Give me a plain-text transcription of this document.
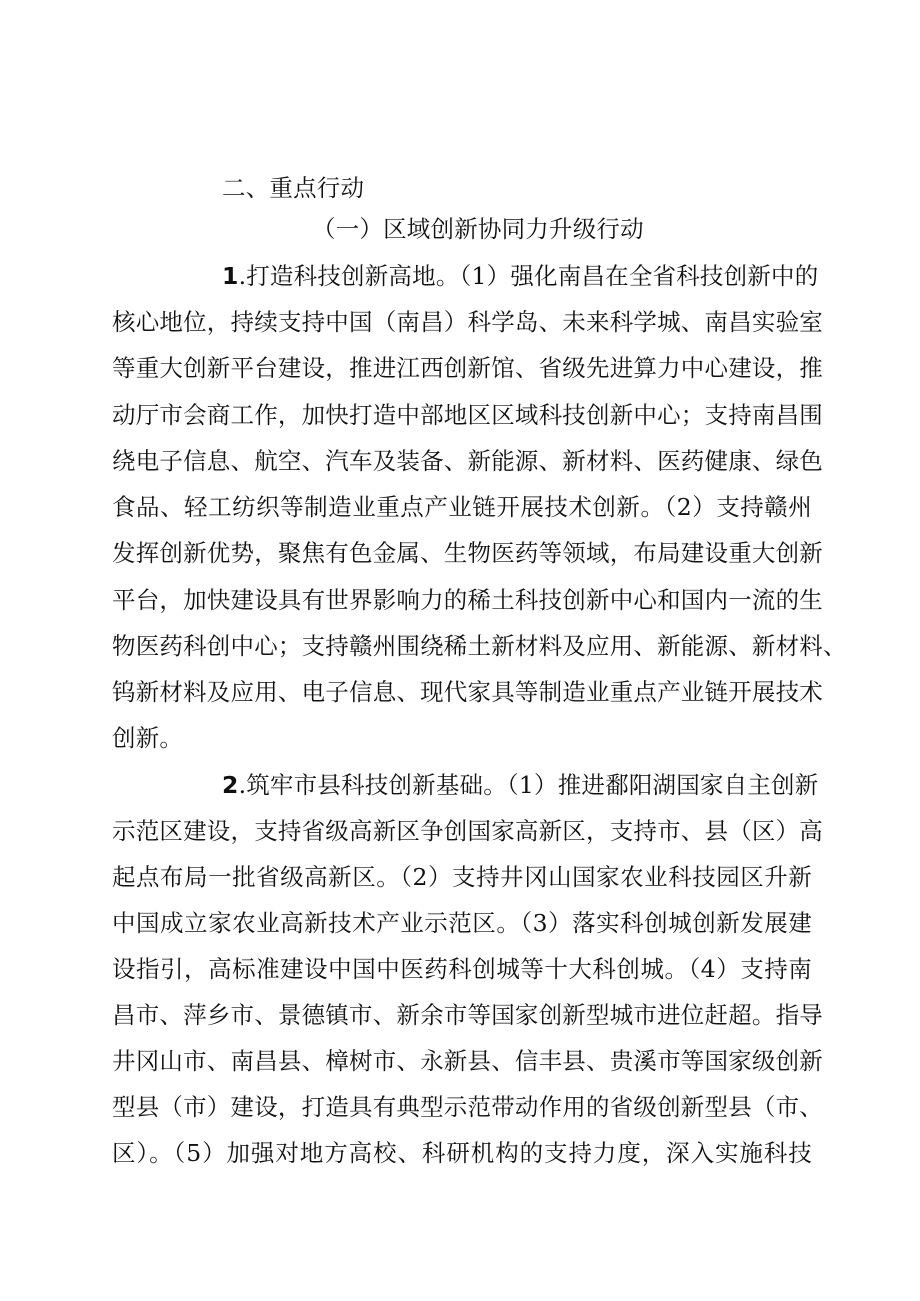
二、重点行动
（一）区域创新协同力升级行动
1.打造科技创新高地。（1）强化南昌在全省科技创新中的
核心地位，持续支持中国（南昌）科学岛、未来科学城、南昌实验室
等重大创新平台建设，推进江西创新馆、省级先进算力中心建设，推
动厅市会商工作，加快打造中部地区区域科技创新中心；支持南昌围
绕电子信息、航空、汽车及装备、新能源、新材料、医药健康、绿色
食品、轻工纺织等制造业重点产业链开展技术创新。（2）支持赣州
发挥创新优势，聚焦有色金属、生物医药等领域，布局建设重大创新
平台，加快建设具有世界影响力的稀土科技创新中心和国内一流的生
物医药科创中心；支持赣州围绕稀土新材料及应用、新能源、新材料、
钨新材料及应用、电子信息、现代家具等制造业重点产业链开展技术
创新。
2.筑牢市县科技创新基础。（1）推进鄱阳湖国家自主创新
示范区建设，支持省级高新区争创国家高新区，支持市、县（区）高
起点布局一批省级高新区。（2）支持井冈山国家农业科技园区升新
中国成立家农业高新技术产业示范区。（3）落实科创城创新发展建
设指引，高标准建设中国中医药科创城等十大科创城。（4）支持南
昌市、萍乡市、景德镇市、新余市等国家创新型城市进位赶超。指导
井冈山市、南昌县、樟树市、永新县、信丰县、贵溪市等国家级创新
型县（市）建设，打造具有典型示范带动作用的省级创新型县（市、
区）。（5）加强对地方高校、科研机构的支持力度，深入实施科技
